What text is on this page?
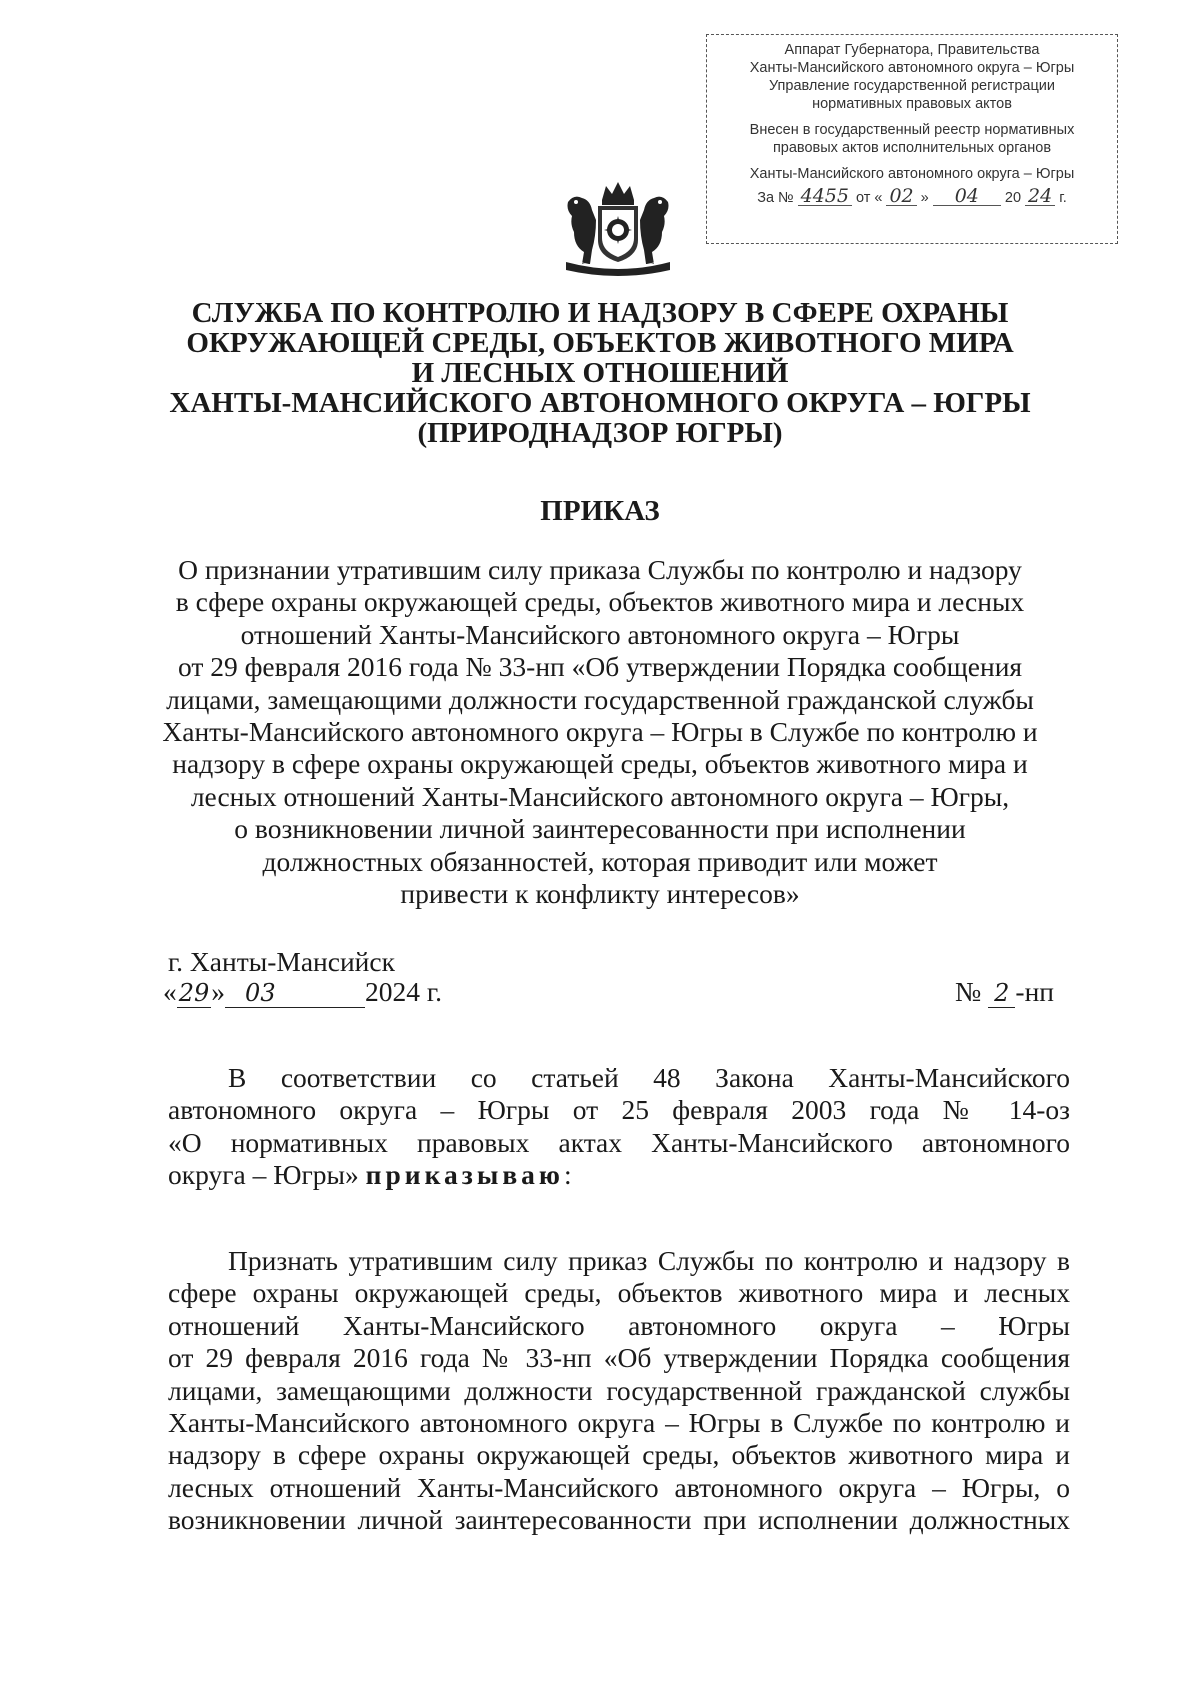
Аппарат Губернатора, Правительства
Ханты-Мансийского автономного округа – Югры
Управление государственной регистрации
нормативных правовых актов
Внесен в государственный реестр нормативных
правовых актов исполнительных органов
Ханты-Мансийского автономного округа – Югры
За № 4455 от « 02 »	04	20 24 г.
СЛУЖБА ПО КОНТРОЛЮ И НАДЗОРУ В СФЕРЕ ОХРАНЫ
ОКРУЖАЮЩЕЙ СРЕДЫ, ОБЪЕКТОВ ЖИВОТНОГО МИРА
И ЛЕСНЫХ ОТНОШЕНИЙ
ХАНТЫ-МАНСИЙСКОГО АВТОНОМНОГО ОКРУГА – ЮГРЫ
(ПРИРОДНАДЗОР ЮГРЫ)
ПРИКАЗ
О признании утратившим силу приказа Службы по контролю и надзору
в сфере охраны окружающей среды, объектов животного мира и лесных
отношений Ханты-Мансийского автономного округа – Югры
от 29 февраля 2016 года № 33-нп «Об утверждении Порядка сообщения
лицами, замещающими должности государственной гражданской службы
Ханты-Мансийского автономного округа – Югры в Службе по контролю и
надзору в сфере охраны окружающей среды, объектов животного мира и
лесных отношений Ханты-Мансийского автономного округа – Югры,
о возникновении личной заинтересованности при исполнении
должностных обязанностей, которая приводит или может
привести к конфликту интересов»
г. Ханты-Мансийск
«29» 03	2024 г.	№ 2 -нп
В соответствии со статьей 48 Закона Ханты-Мансийского
автономного округа – Югры от 25 февраля 2003 года № 14-оз
«О нормативных правовых актах Ханты-Мансийского автономного
округа – Югры» приказываю:
Признать утратившим силу приказ Службы по контролю и надзору в
сфере охраны окружающей среды, объектов животного мира и лесных
отношений Ханты-Мансийского автономного округа – Югры
от 29 февраля 2016 года № 33-нп «Об утверждении Порядка сообщения
лицами, замещающими должности государственной гражданской службы
Ханты-Мансийского автономного округа – Югры в Службе по контролю и
надзору в сфере охраны окружающей среды, объектов животного мира и
лесных отношений Ханты-Мансийского автономного округа – Югры, о
возникновении личной заинтересованности при исполнении должностных
